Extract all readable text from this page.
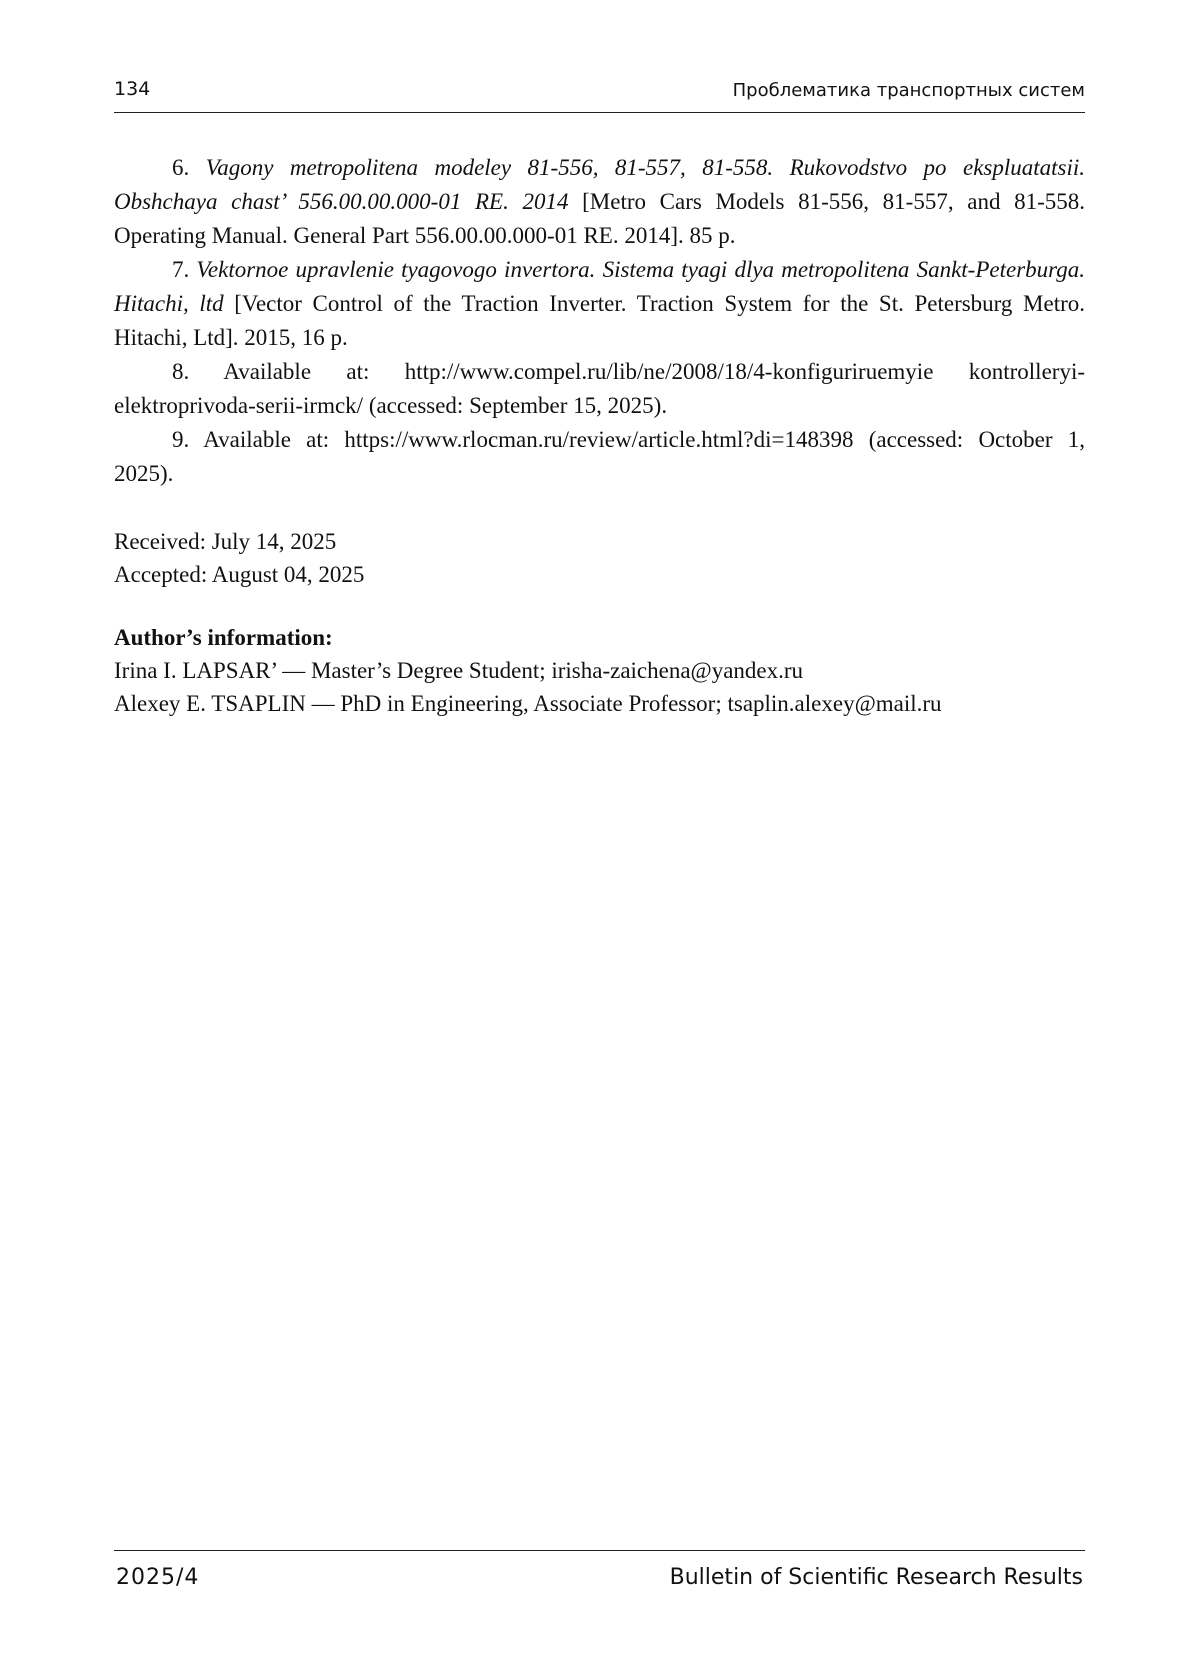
134	Проблематика транспортных систем

6. Vagony metropolitena modeley 81-556, 81-557, 81-558. Rukovodstvo po ekspluatatsii. Obshchaya chast’ 556.00.00.000-01 RE. 2014 [Metro Cars Models 81-556, 81-557, and 81-558. Operating Manual. General Part 556.00.00.000-01 RE. 2014]. 85 p.

7. Vektornoe upravlenie tyagovogo invertora. Sistema tyagi dlya metropolitena Sankt-Peterburga. Hitachi, ltd [Vector Control of the Traction Inverter. Traction System for the St. Petersburg Metro. Hitachi, Ltd]. 2015, 16 p.

8. Available at: http://www.compel.ru/lib/ne/2008/18/4-konfiguriruemyie kontrolleryi-elektroprivoda-serii-irmck/ (accessed: September 15, 2025).

9. Available at: https://www.rlocman.ru/review/article.html?di=148398 (accessed: October 1, 2025).

Received: July 14, 2025
Accepted: August 04, 2025
Author’s information:
Irina I. LAPSAR’ — Master’s Degree Student; irisha-zaichena@yandex.ru
Alexey E. TSAPLIN — PhD in Engineering, Associate Professor; tsaplin.alexey@mail.ru
2025/4	Bulletin of Scientific Research Results
